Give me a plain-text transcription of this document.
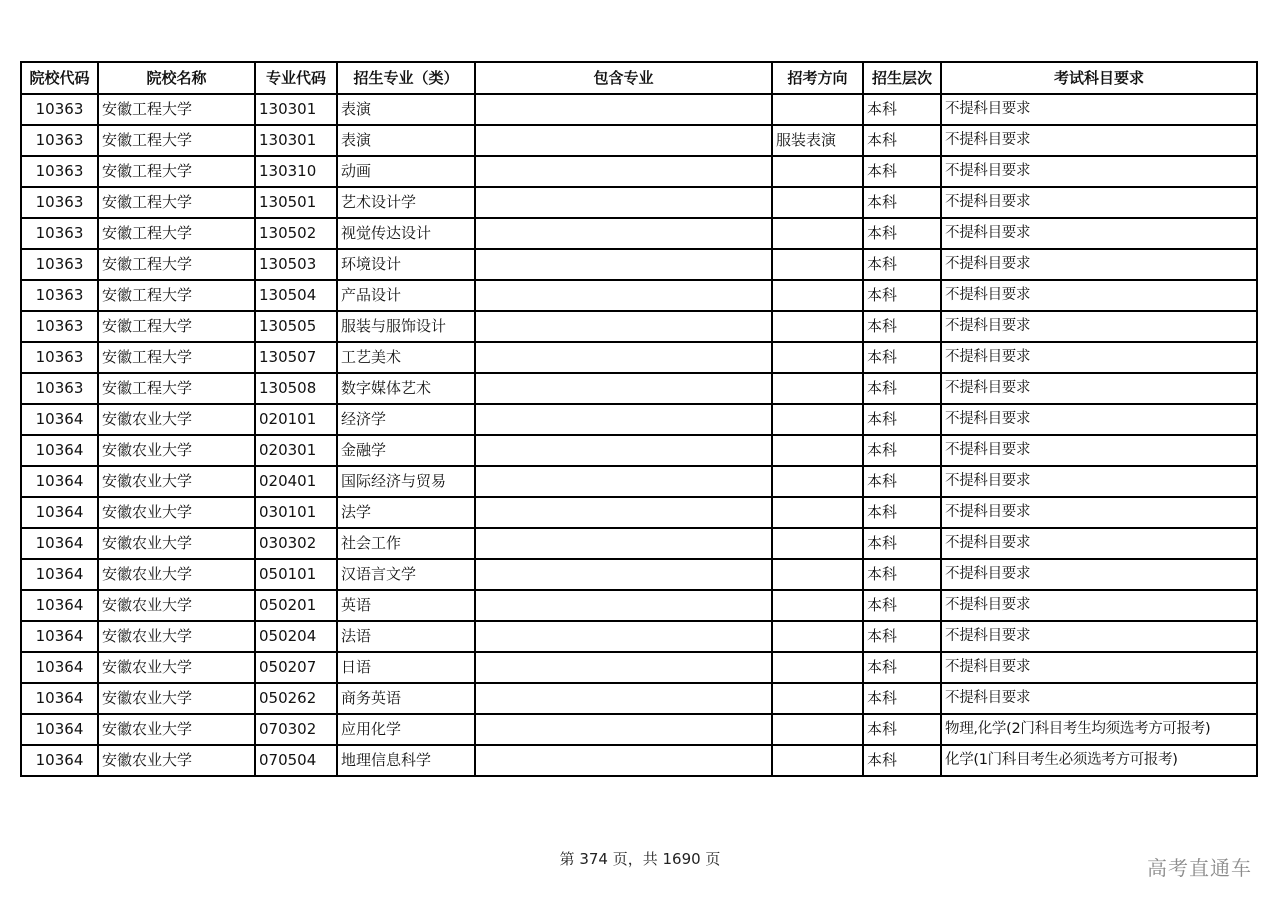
院校代码	院校名称	专业代码	招生专业（类）	包含专业	招考方向	招生层次	考试科目要求
10363	安徽工程大学	130301	表演			本科	不提科目要求
10363	安徽工程大学	130301	表演		服装表演	本科	不提科目要求
10363	安徽工程大学	130310	动画			本科	不提科目要求
10363	安徽工程大学	130501	艺术设计学			本科	不提科目要求
10363	安徽工程大学	130502	视觉传达设计			本科	不提科目要求
10363	安徽工程大学	130503	环境设计			本科	不提科目要求
10363	安徽工程大学	130504	产品设计			本科	不提科目要求
10363	安徽工程大学	130505	服装与服饰设计			本科	不提科目要求
10363	安徽工程大学	130507	工艺美术			本科	不提科目要求
10363	安徽工程大学	130508	数字媒体艺术			本科	不提科目要求
10364	安徽农业大学	020101	经济学			本科	不提科目要求
10364	安徽农业大学	020301	金融学			本科	不提科目要求
10364	安徽农业大学	020401	国际经济与贸易			本科	不提科目要求
10364	安徽农业大学	030101	法学			本科	不提科目要求
10364	安徽农业大学	030302	社会工作			本科	不提科目要求
10364	安徽农业大学	050101	汉语言文学			本科	不提科目要求
10364	安徽农业大学	050201	英语			本科	不提科目要求
10364	安徽农业大学	050204	法语			本科	不提科目要求
10364	安徽农业大学	050207	日语			本科	不提科目要求
10364	安徽农业大学	050262	商务英语			本科	不提科目要求
10364	安徽农业大学	070302	应用化学			本科	物理,化学(2门科目考生均须选考方可报考)
10364	安徽农业大学	070504	地理信息科学			本科	化学(1门科目考生必须选考方可报考)
第 374 页，共 1690 页	高考直通车
